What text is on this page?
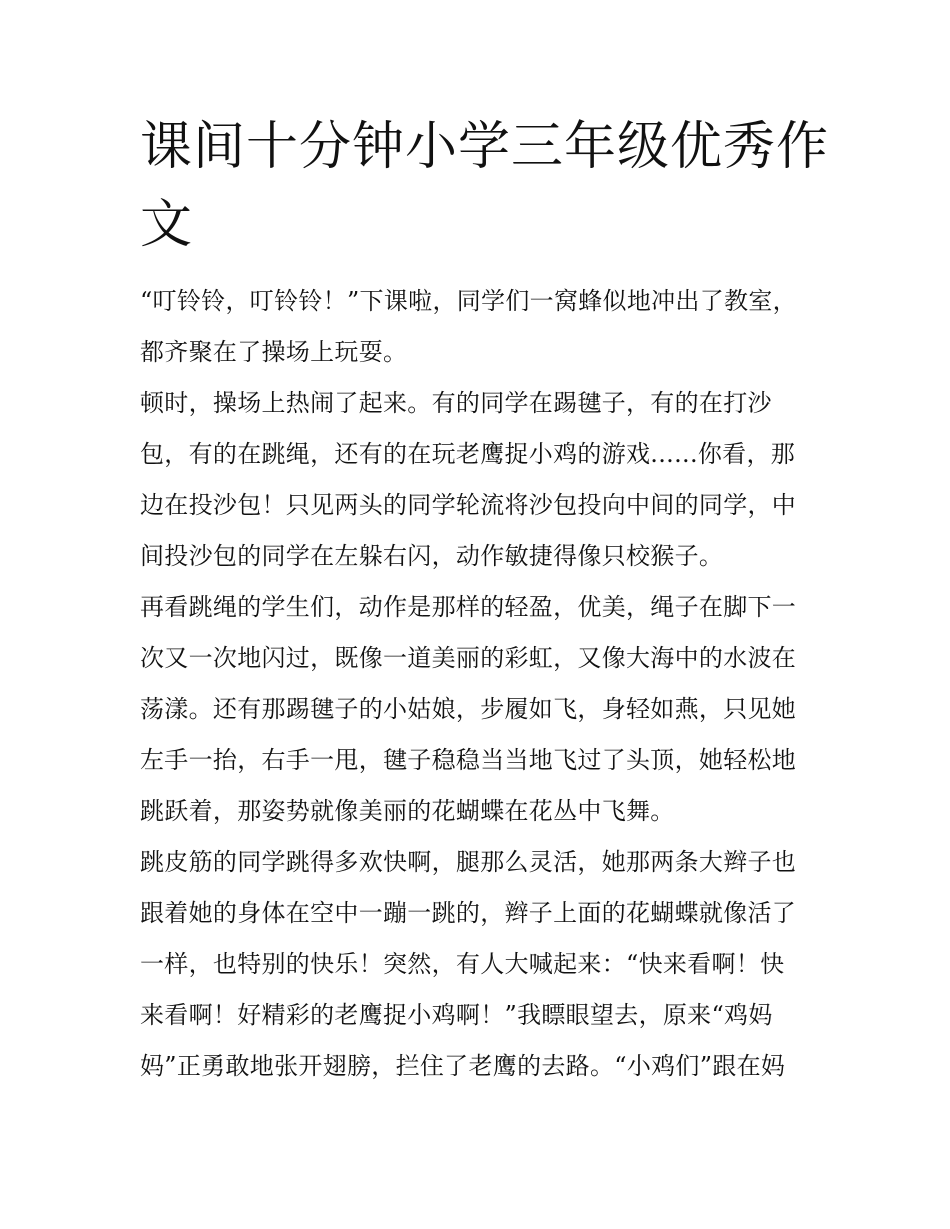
课间十分钟小学三年级优秀作
文
“叮铃铃，叮铃铃！”下课啦，同学们一窝蜂似地冲出了教室，
都齐聚在了操场上玩耍。
顿时，操场上热闹了起来。有的同学在踢毽子，有的在打沙
包，有的在跳绳，还有的在玩老鹰捉小鸡的游戏......你看，那
边在投沙包！只见两头的同学轮流将沙包投向中间的同学，中
间投沙包的同学在左躲右闪，动作敏捷得像只校猴子。
再看跳绳的学生们，动作是那样的轻盈，优美，绳子在脚下一
次又一次地闪过，既像一道美丽的彩虹，又像大海中的水波在
荡漾。还有那踢毽子的小姑娘，步履如飞，身轻如燕，只见她
左手一抬，右手一甩，毽子稳稳当当地飞过了头顶，她轻松地
跳跃着，那姿势就像美丽的花蝴蝶在花丛中飞舞。
跳皮筋的同学跳得多欢快啊，腿那么灵活，她那两条大辫子也
跟着她的身体在空中一蹦一跳的，辫子上面的花蝴蝶就像活了
一样，也特别的快乐！突然，有人大喊起来：“快来看啊！快
来看啊！好精彩的老鹰捉小鸡啊！”我瞟眼望去，原来“鸡妈
妈”正勇敢地张开翅膀，拦住了老鹰的去路。“小鸡们”跟在妈
